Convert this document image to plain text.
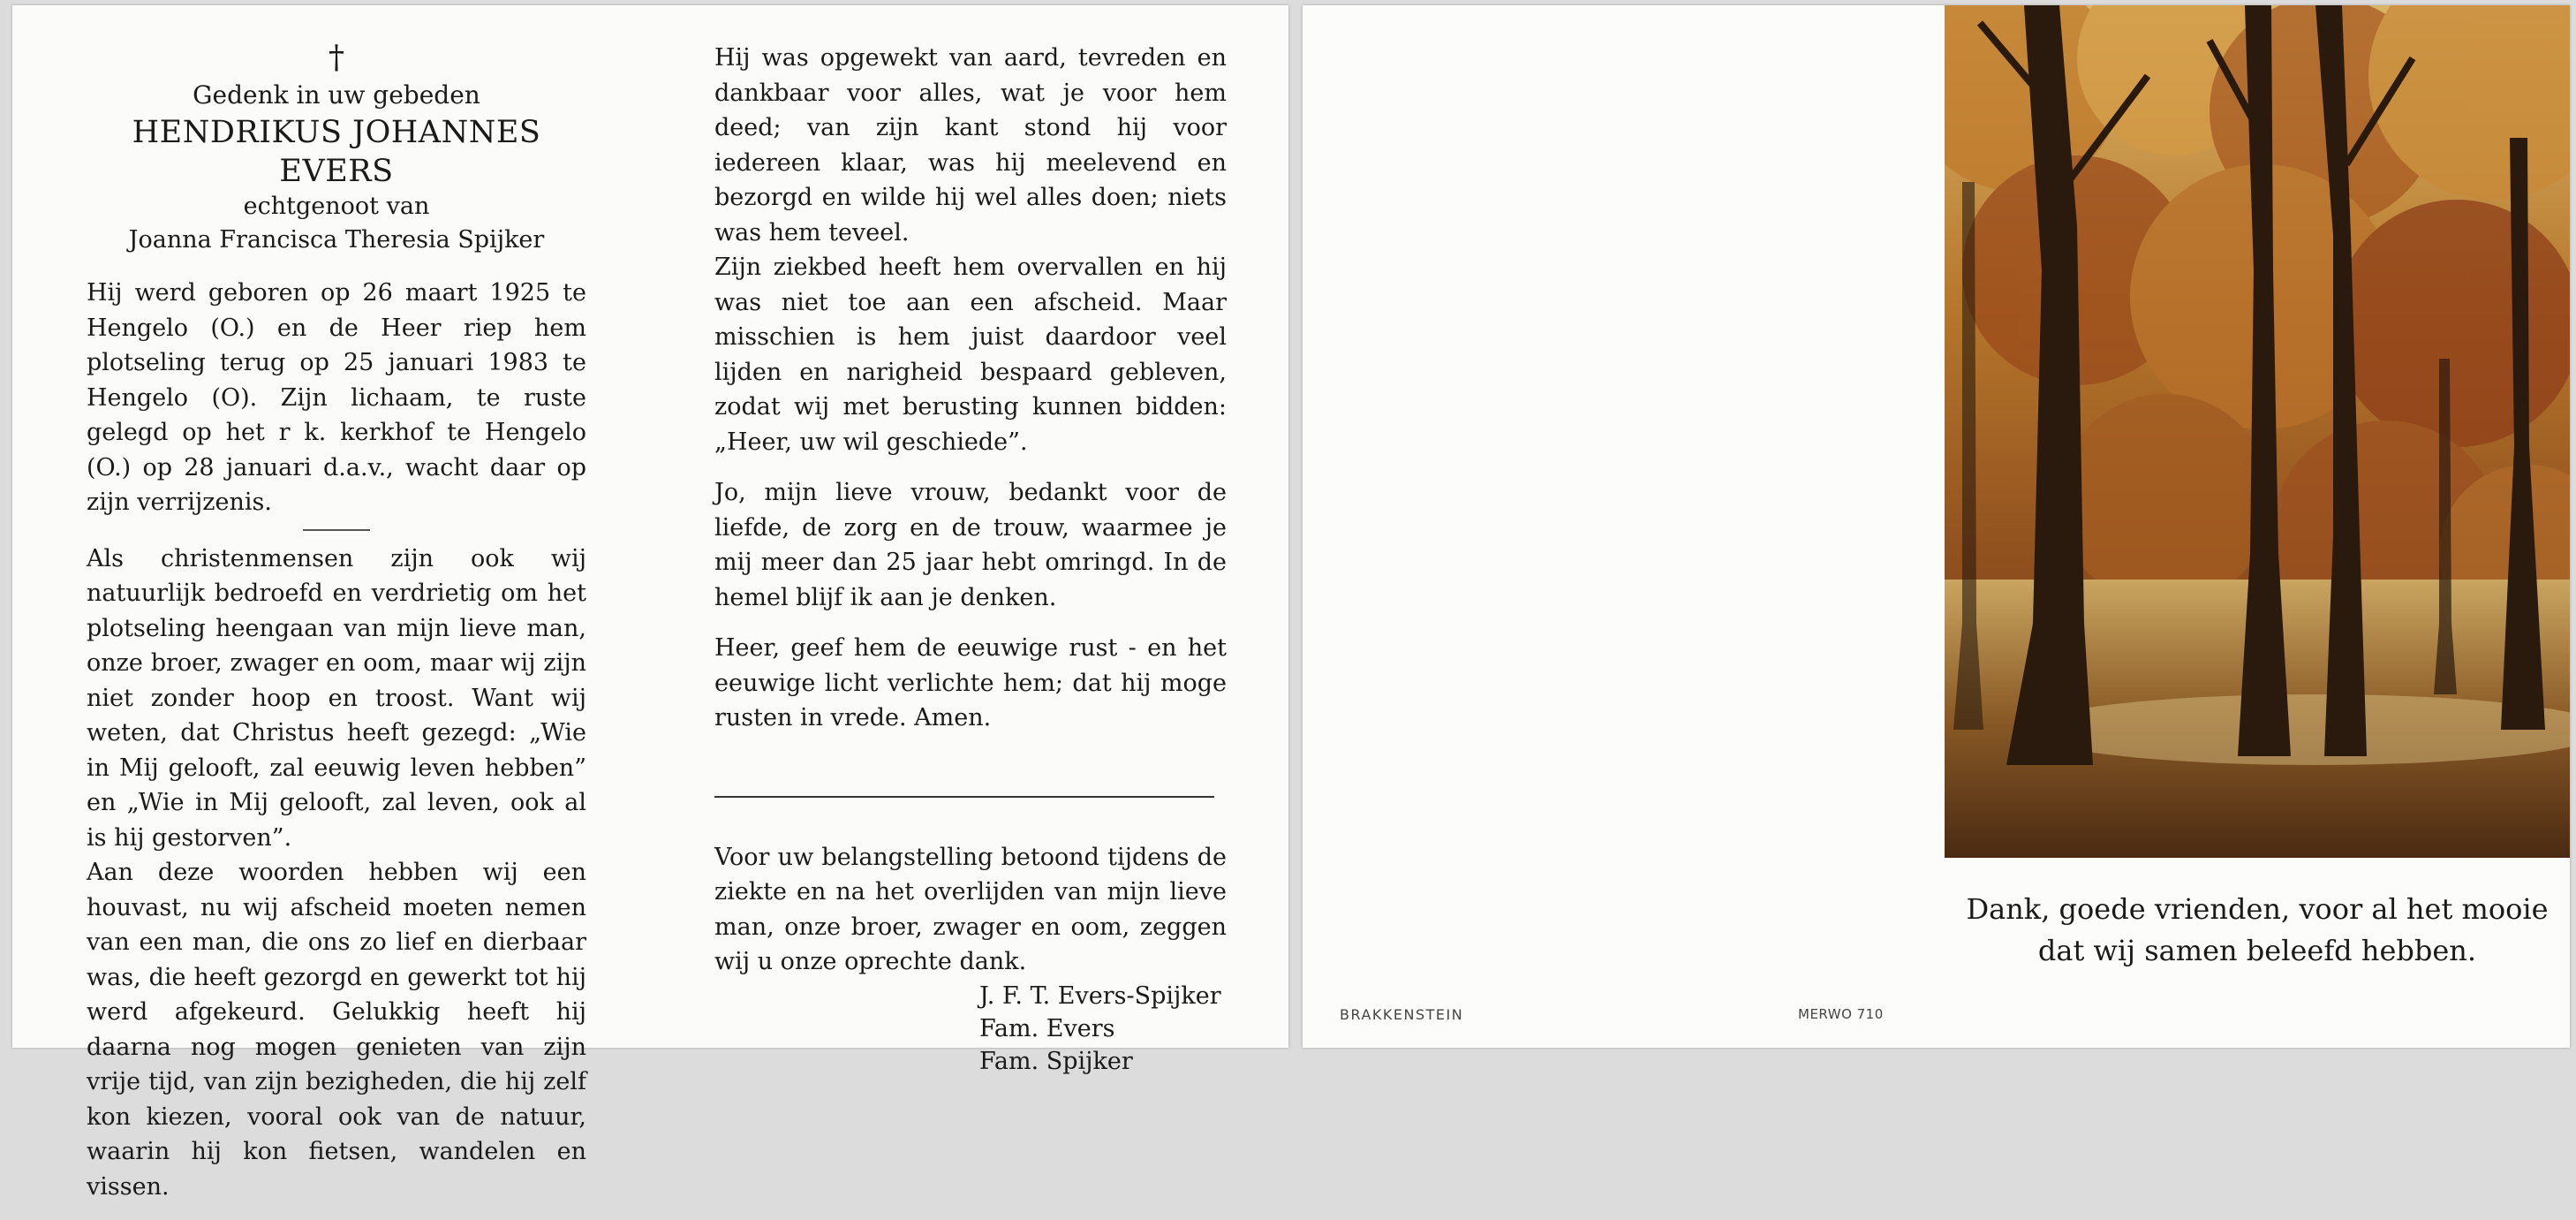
†
Gedenk in uw gebeden
HENDRIKUS JOHANNES EVERS
echtgenoot van
Joanna Francisca Theresia Spijker

Hij werd geboren op 26 maart 1925 te Hengelo (O.) en de Heer riep hem plotseling terug op 25 januari 1983 te Hengelo (O). Zijn lichaam, te ruste gelegd op het r k. kerkhof te Hengelo (O.) op 28 januari d.a.v., wacht daar op zijn verrijzenis.

Als christenmensen zijn ook wij natuurlijk bedroefd en verdrietig om het plotseling heengaan van mijn lieve man, onze broer, zwager en oom, maar wij zijn niet zonder hoop en troost. Want wij weten, dat Christus heeft gezegd: „Wie in Mij gelooft, zal eeuwig leven hebben” en „Wie in Mij gelooft, zal leven, ook al is hij gestorven”.

Aan deze woorden hebben wij een houvast, nu wij afscheid moeten nemen van een man, die ons zo lief en dierbaar was, die heeft gezorgd en gewerkt tot hij werd afgekeurd. Gelukkig heeft hij daarna nog mogen genieten van zijn vrije tijd, van zijn bezigheden, die hij zelf kon kiezen, vooral ook van de natuur, waarin hij kon fietsen, wandelen en vissen.

Hij was opgewekt van aard, tevreden en dankbaar voor alles, wat je voor hem deed; van zijn kant stond hij voor iedereen klaar, was hij meelevend en bezorgd en wilde hij wel alles doen; niets was hem teveel.

Zijn ziekbed heeft hem overvallen en hij was niet toe aan een afscheid. Maar misschien is hem juist daardoor veel lijden en narigheid bespaard gebleven, zodat wij met berusting kunnen bidden: „Heer, uw wil geschiede”.

Jo, mijn lieve vrouw, bedankt voor de liefde, de zorg en de trouw, waarmee je mij meer dan 25 jaar hebt omringd. In de hemel blijf ik aan je denken.

Heer, geef hem de eeuwige rust - en het eeuwige licht verlichte hem; dat hij moge rusten in vrede. Amen.

Voor uw belangstelling betoond tijdens de ziekte en na het overlijden van mijn lieve man, onze broer, zwager en oom, zeggen wij u onze oprechte dank.

J. F. T. Evers-Spijker
Fam. Evers
Fam. Spijker
BRAKKENSTEIN	MERWO 710
Dank, goede vrienden, voor al het mooie
dat wij samen beleefd hebben.
